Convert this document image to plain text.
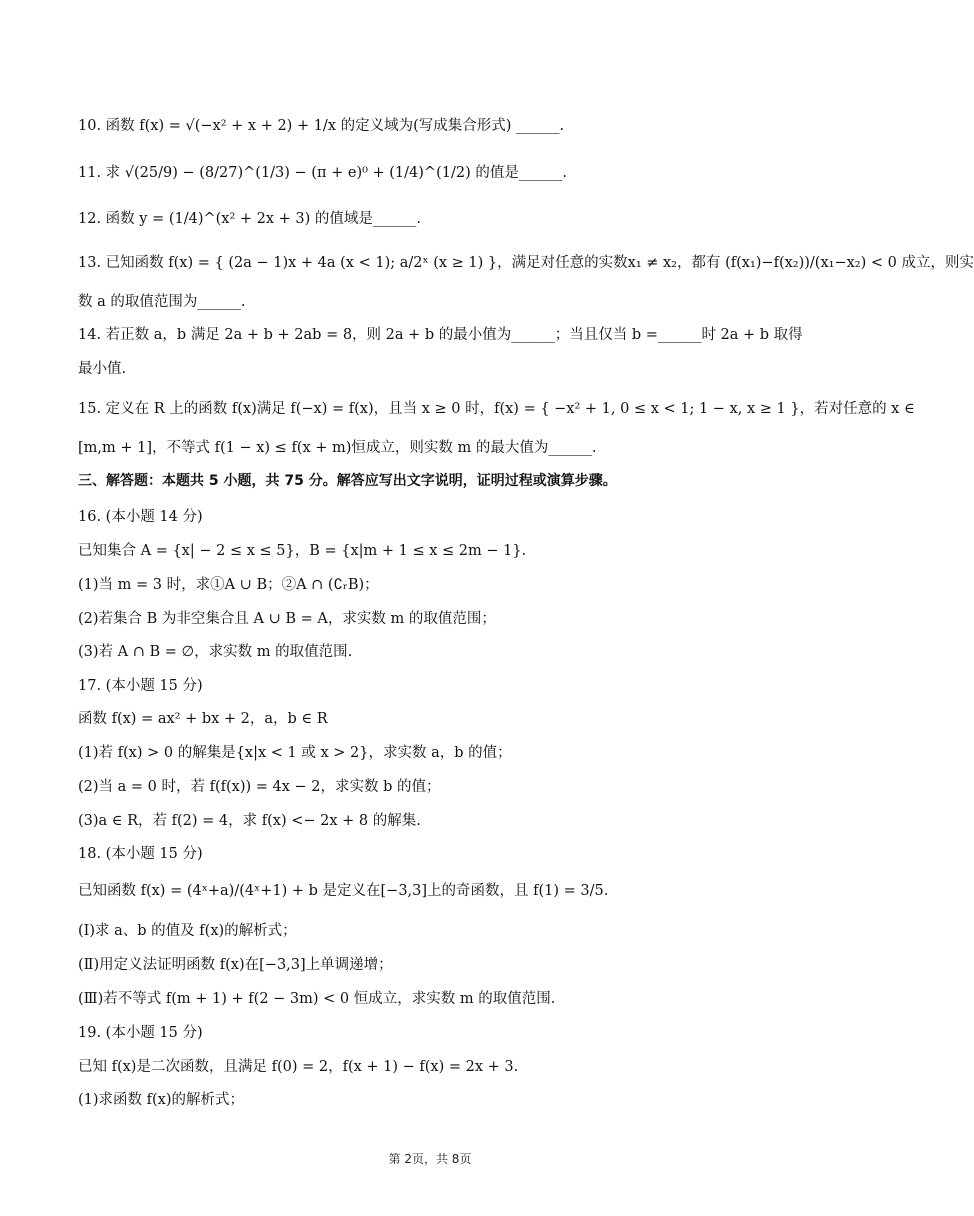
10. 函数 f(x) = √(−x² + x + 2) + 1/x 的定义域为(写成集合形式) ______.
11. 求 √(25/9) − (8/27)^(1/3) − (π + e)⁰ + (1/4)^(1/2) 的值是______.
12. 函数 y = (1/4)^(x² + 2x + 3) 的值域是______.
13. 已知函数 f(x) = { (2a − 1)x + 4a (x < 1); a/2ˣ (x ≥ 1) }，满足对任意的实数x₁ ≠ x₂，都有 (f(x₁)−f(x₂))/(x₁−x₂) < 0 成立，则实
数 a 的取值范围为______.
14. 若正数 a，b 满足 2a + b + 2ab = 8，则 2a + b 的最小值为______；当且仅当 b =______时 2a + b 取得
最小值.
15. 定义在 R 上的函数 f(x)满足 f(−x) = f(x)，且当 x ≥ 0 时，f(x) = { −x² + 1, 0 ≤ x < 1; 1 − x, x ≥ 1 }，若对任意的 x ∈
[m,m + 1]，不等式 f(1 − x) ≤ f(x + m)恒成立，则实数 m 的最大值为______.
三、解答题：本题共 5 小题，共 75 分。解答应写出文字说明，证明过程或演算步骤。
16. (本小题 14 分)
已知集合 A = {x| − 2 ≤ x ≤ 5}，B = {x|m + 1 ≤ x ≤ 2m − 1}.
(1)当 m = 3 时，求①A ∪ B；②A ∩ (∁ᵣB)；
(2)若集合 B 为非空集合且 A ∪ B = A，求实数 m 的取值范围；
(3)若 A ∩ B = ∅，求实数 m 的取值范围.
17. (本小题 15 分)
函数 f(x) = ax² + bx + 2，a，b ∈ R
(1)若 f(x) > 0 的解集是{x|x < 1 或 x > 2}，求实数 a，b 的值；
(2)当 a = 0 时，若 f(f(x)) = 4x − 2，求实数 b 的值；
(3)a ∈ R，若 f(2) = 4，求 f(x) <− 2x + 8 的解集.
18. (本小题 15 分)
已知函数 f(x) = (4ˣ+a)/(4ˣ+1) + b 是定义在[−3,3]上的奇函数，且 f(1) = 3/5.
(Ⅰ)求 a、b 的值及 f(x)的解析式；
(Ⅱ)用定义法证明函数 f(x)在[−3,3]上单调递增；
(Ⅲ)若不等式 f(m + 1) + f(2 − 3m) < 0 恒成立，求实数 m 的取值范围.
19. (本小题 15 分)
已知 f(x)是二次函数，且满足 f(0) = 2，f(x + 1) − f(x) = 2x + 3.
(1)求函数 f(x)的解析式；
第 2页，共 8页
